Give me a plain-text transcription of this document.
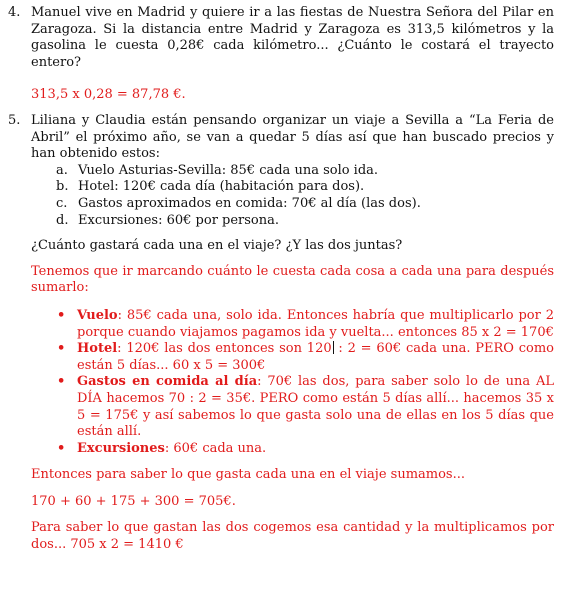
4. Manuel vive en Madrid y quiere ir a las fiestas de Nuestra Señora del Pilar en Zaragoza. Si la distancia entre Madrid y Zaragoza es 313,5 kilómetros y la gasolina le cuesta 0,28€ cada kilómetro... ¿Cuánto le costará el trayecto entero?
313,5 x 0,28 = 87,78 €.
5. Liliana y Claudia están pensando organizar un viaje a Sevilla a “La Feria de Abril” el próximo año, se van a quedar 5 días así que han buscado precios y han obtenido estos:
a. Vuelo Asturias-Sevilla: 85€ cada una solo ida.
b. Hotel: 120€ cada día (habitación para dos).
c. Gastos aproximados en comida: 70€ al día (las dos).
d. Excursiones: 60€ por persona.
¿Cuánto gastará cada una en el viaje? ¿Y las dos juntas?
Tenemos que ir marcando cuánto le cuesta cada cosa a cada una para después sumarlo:
• Vuelo: 85€ cada una, solo ida. Entonces habría que multiplicarlo por 2 porque cuando viajamos pagamos ida y vuelta... entonces 85 x 2 = 170€
• Hotel: 120€ las dos entonces son 120 : 2 = 60€ cada una. PERO como están 5 días... 60 x 5 = 300€
• Gastos en comida al día: 70€ las dos, para saber solo lo de una AL DÍA hacemos 70 : 2 = 35€. PERO como están 5 días allí... hacemos 35 x 5 = 175€ y así sabemos lo que gasta solo una de ellas en los 5 días que están allí.
• Excursiones: 60€ cada una.
Entonces para saber lo que gasta cada una en el viaje sumamos...
170 + 60 + 175 + 300 = 705€.
Para saber lo que gastan las dos cogemos esa cantidad y la multiplicamos por dos... 705 x 2 = 1410 €
